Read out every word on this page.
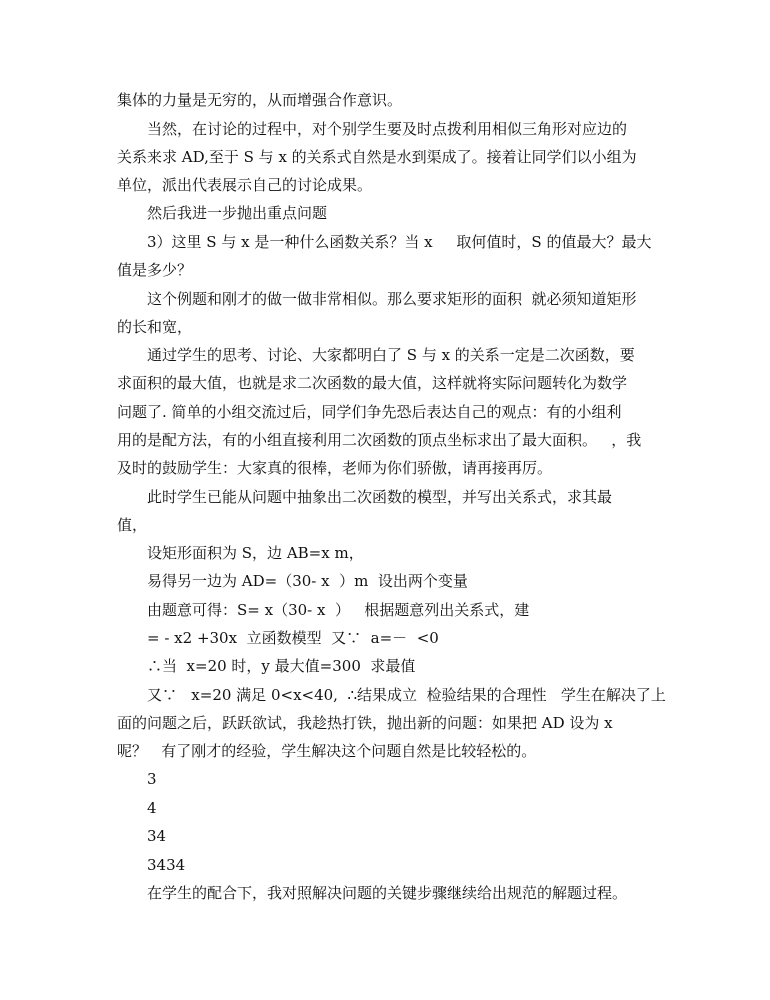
集体的力量是无穷的，从而增强合作意识。

当然，在讨论的过程中，对个别学生要及时点拨利用相似三角形对应边的

关系来求 AD,至于 S 与 x 的关系式自然是水到渠成了。接着让同学们以小组为

单位，派出代表展示自己的讨论成果。

然后我进一步抛出重点问题

3）这里 S 与 x 是一种什么函数关系？当 x     取何值时，S 的值最大？最大

值是多少？

这个例题和刚才的做一做非常相似。那么要求矩形的面积  就必须知道矩形

的长和宽，

通过学生的思考、讨论、大家都明白了 S 与 x 的关系一定是二次函数，要

求面积的最大值，也就是求二次函数的最大值，这样就将实际问题转化为数学

问题了. 简单的小组交流过后，同学们争先恐后表达自己的观点：有的小组利

用的是配方法，有的小组直接利用二次函数的顶点坐标求出了最大面积。   ，我

及时的鼓励学生：大家真的很棒，老师为你们骄傲，请再接再厉。

此时学生已能从问题中抽象出二次函数的模型，并写出关系式，求其最

值，

设矩形面积为 S，边 AB=x m，

易得另一边为 AD=（30- x  ）m  设出两个变量

由题意可得：S= x（30- x  ）   根据题意列出关系式，建

= - x2 +30x  立函数模型  又∵  a=－  <0

∴当  x=20 时，y 最大值=300  求最值

又∵   x=20 满足 0<x<40,  ∴结果成立  检验结果的合理性   学生在解决了上

面的问题之后，跃跃欲试，我趁热打铁，抛出新的问题：如果把 AD 设为 x

呢？   有了刚才的经验，学生解决这个问题自然是比较轻松的。

3

4

34

3434

在学生的配合下，我对照解决问题的关键步骤继续给出规范的解题过程。
